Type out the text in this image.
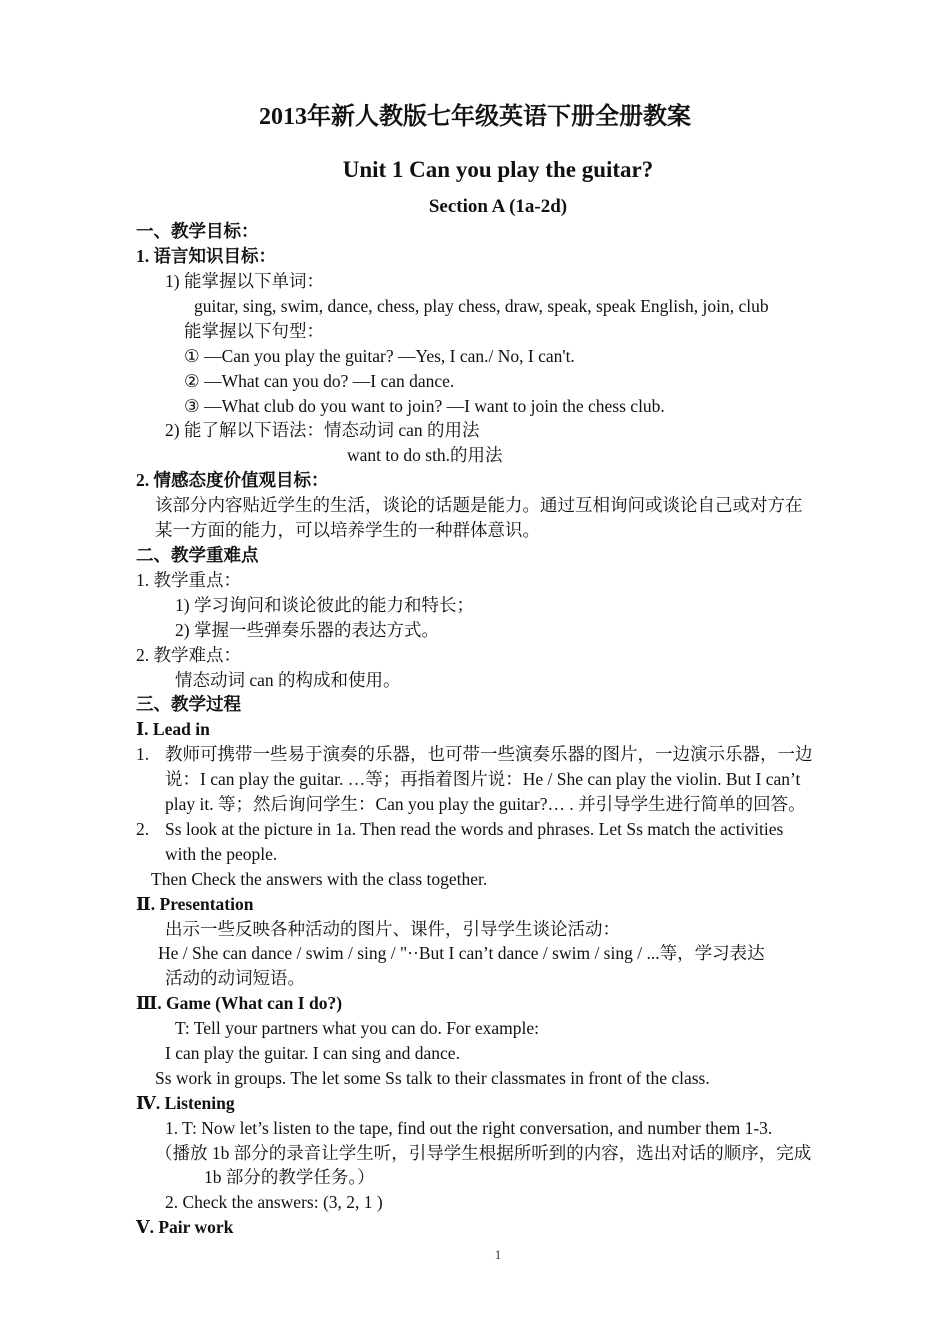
2013年新人教版七年级英语下册全册教案
Unit 1 Can you play the guitar?
Section A (1a-2d)
一、教学目标：
1. 语言知识目标：
1) 能掌握以下单词：
guitar, sing, swim, dance, chess, play chess, draw, speak, speak English, join, club
能掌握以下句型：
① —Can you play the guitar? —Yes, I can./ No, I can't.
② —What can you do? —I can dance.
③ —What club do you want to join? —I want to join the chess club.
2) 能了解以下语法：情态动词 can 的用法
want to do sth.的用法
2. 情感态度价值观目标：
该部分内容贴近学生的生活，谈论的话题是能力。通过互相询问或谈论自己或对方在
某一方面的能力，可以培养学生的一种群体意识。
二、教学重难点
1. 教学重点：
1) 学习询问和谈论彼此的能力和特长；
2) 掌握一些弹奏乐器的表达方式。
2. 教学难点：
情态动词 can 的构成和使用。
三、教学过程
Ⅰ. Lead in
1. 教师可携带一些易于演奏的乐器，也可带一些演奏乐器的图片，一边演示乐器，一边
说：I can play the guitar. …等；再指着图片说：He / She can play the violin. But I can’t
play it. 等；然后询问学生：Can you play the guitar?… . 并引导学生进行简单的回答。
2. Ss look at the picture in 1a. Then read the words and phrases. Let Ss match the activities
with the people.
Then Check the answers with the class together.
Ⅱ. Presentation
出示一些反映各种活动的图片、课件，引导学生谈论活动：
He / She can dance / swim / sing / "··But I can’t dance / swim / sing / ...等，学习表达
活动的动词短语。
Ⅲ. Game (What can I do?)
T: Tell your partners what you can do. For example:
I can play the guitar. I can sing and dance.
Ss work in groups. The let some Ss talk to their classmates in front of the class.
Ⅳ. Listening
1. T: Now let’s listen to the tape, find out the right conversation, and number them 1-3.
（播放 1b 部分的录音让学生听，引导学生根据所听到的内容，选出对话的顺序，完成
1b 部分的教学任务。）
2. Check the answers: (3, 2, 1 )
Ⅴ. Pair work
1
